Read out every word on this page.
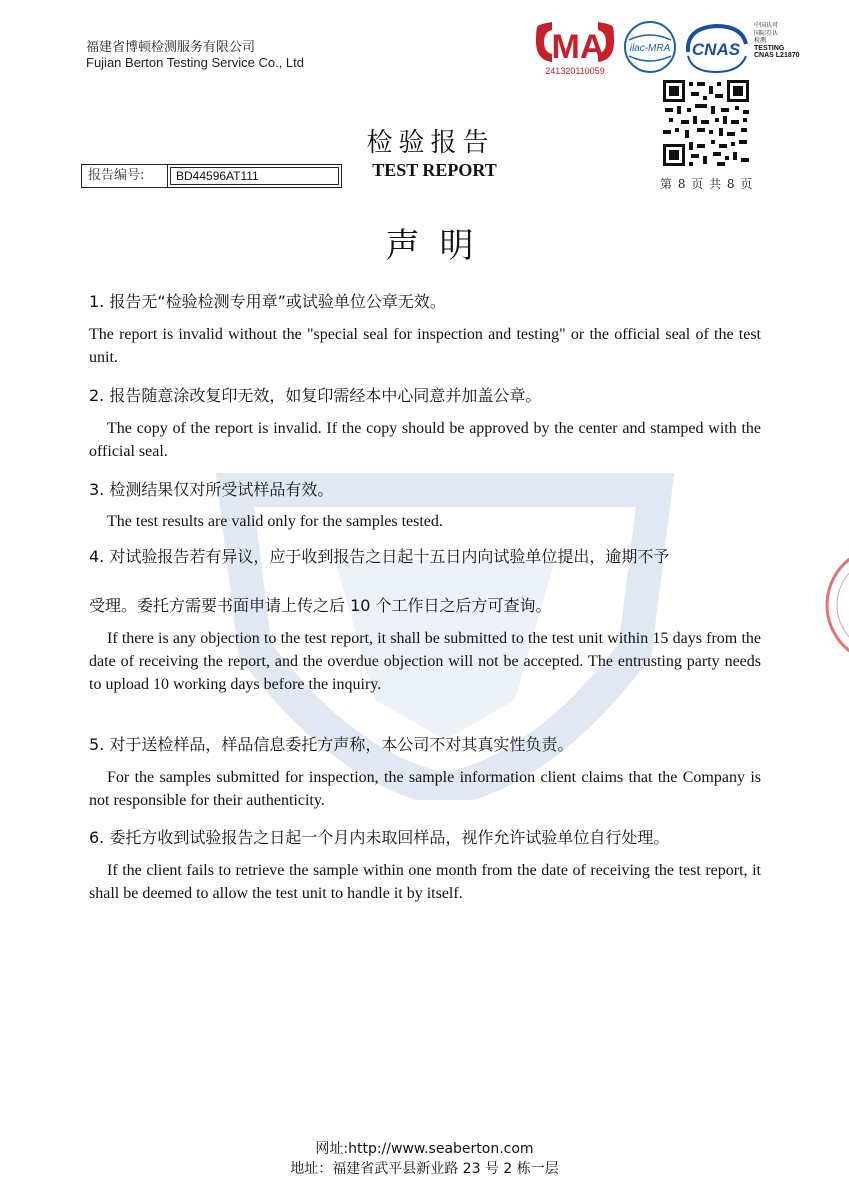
福建省博顿检测服务有限公司
Fujian Berton Testing Service Co., Ltd	MA
241320110059
ilac-MRA CNAS
中国认可
国际互认
检测
TESTING
CNAS L21870
第 8 页 共 8 页
检验报告
TEST REPORT
报告编号:	BD44596AT111
声明
1. 报告无“检验检测专用章”或试验单位公章无效。
The report is invalid without the "special seal for inspection and testing" or the official seal of the test unit.
2. 报告随意涂改复印无效，如复印需经本中心同意并加盖公章。
The copy of the report is invalid. If the copy should be approved by the center and stamped with the official seal.
3. 检测结果仅对所受试样品有效。
The test results are valid only for the samples tested.
4. 对试验报告若有异议，应于收到报告之日起十五日内向试验单位提出，逾期不予
受理。委托方需要书面申请上传之后 10 个工作日之后方可查询。
If there is any objection to the test report, it shall be submitted to the test unit within 15 days from the date of receiving the report, and the overdue objection will not be accepted. The entrusting party needs to upload 10 working days before the inquiry.
5. 对于送检样品，样品信息委托方声称，本公司不对其真实性负责。
For the samples submitted for inspection, the sample information client claims that the Company is not responsible for their authenticity.
6. 委托方收到试验报告之日起一个月内未取回样品，视作允许试验单位自行处理。
If the client fails to retrieve the sample within one month from the date of receiving the test report, it shall be deemed to allow the test unit to handle it by itself.
网址:http://www.seaberton.com
地址：福建省武平县新业路 23 号 2 栋一层
